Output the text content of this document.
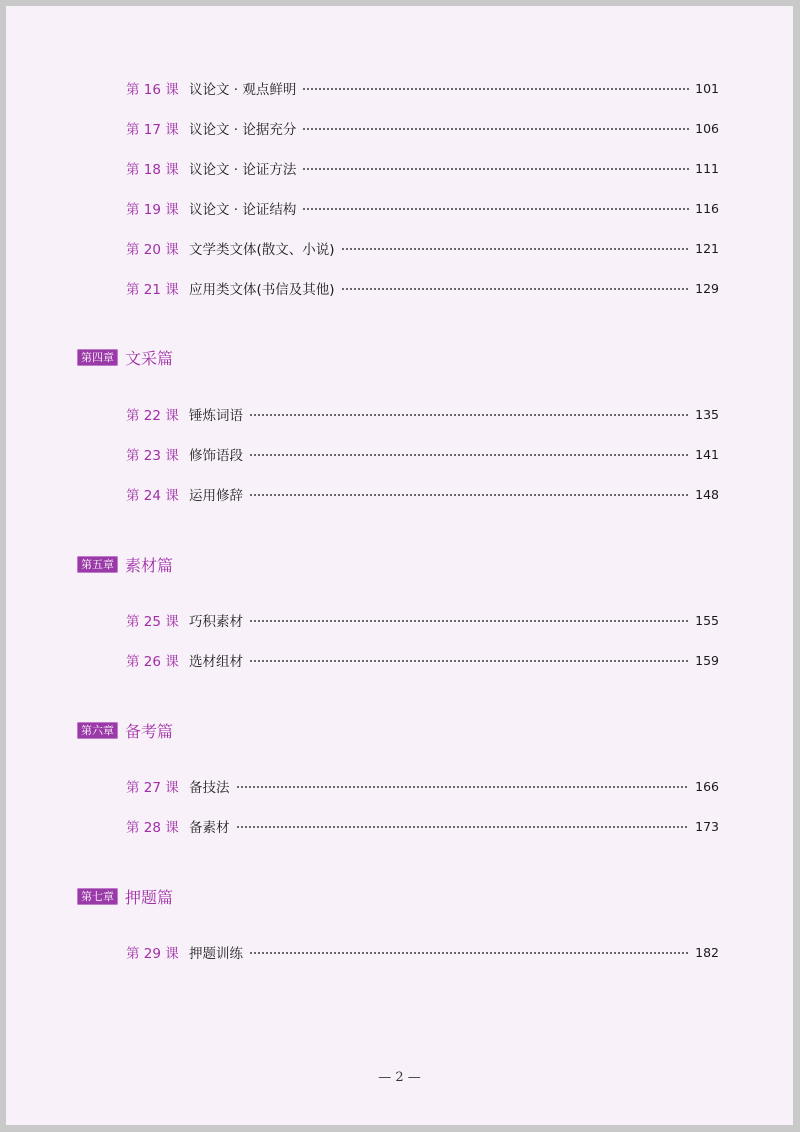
第 16 课 议论文 · 观点鲜明	101
第 17 课 议论文 · 论据充分	106
第 18 课 议论文 · 论证方法	111
第 19 课 议论文 · 论证结构	116
第 20 课 文学类文体(散文、小说)	121
第 21 课 应用类文体(书信及其他)	129
第四章 文采篇
第 22 课 锤炼词语	135
第 23 课 修饰语段	141
第 24 课 运用修辞	148
第五章 素材篇
第 25 课 巧积素材	155
第 26 课 选材组材	159
第六章 备考篇
第 27 课 备技法	166
第 28 课 备素材	173
第七章 押题篇
第 29 课 押题训练	182
— 2 —
